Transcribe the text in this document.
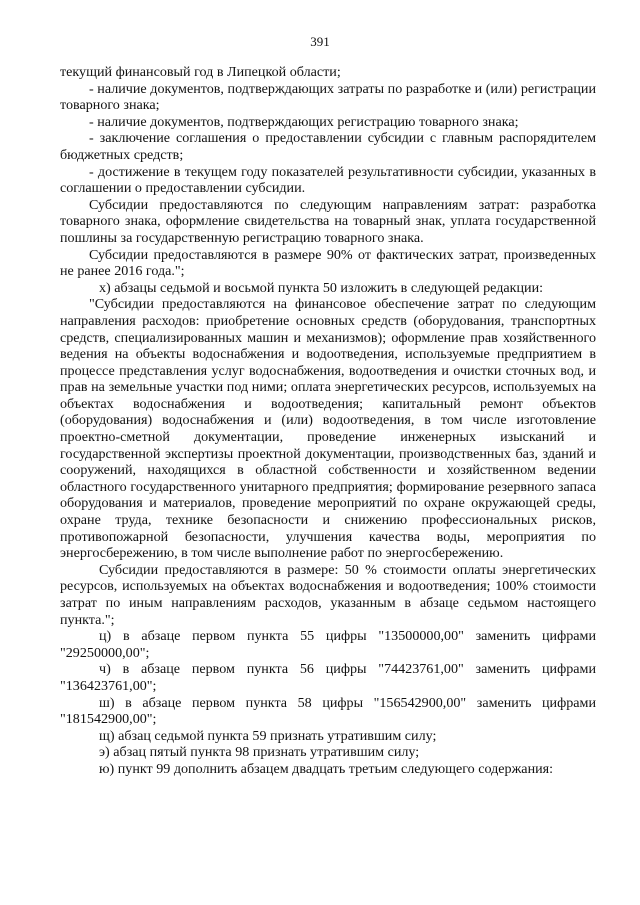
391

текущий финансовый год в Липецкой области;

- наличие документов, подтверждающих затраты по разработке и (или) регистрации товарного знака;

- наличие документов, подтверждающих регистрацию товарного знака;

- заключение соглашения о предоставлении субсидии с главным распорядителем бюджетных средств;

- достижение в текущем году показателей результативности субсидии, указанных в соглашении о предоставлении субсидии.

Субсидии предоставляются по следующим направлениям затрат: разработка товарного знака, оформление свидетельства на товарный знак, уплата государственной пошлины за государственную регистрацию товарного знака.

Субсидии предоставляются в размере 90% от фактических затрат, произведенных не ранее 2016 года.";

х) абзацы седьмой и восьмой пункта 50 изложить в следующей редакции:

"Субсидии предоставляются на финансовое обеспечение затрат по следующим направления расходов: приобретение основных средств (оборудования, транспортных средств, специализированных машин и механизмов); оформление прав хозяйственного ведения на объекты водоснабжения и водоотведения, используемые предприятием в процессе представления услуг водоснабжения, водоотведения и очистки сточных вод, и прав на земельные участки под ними; оплата энергетических ресурсов, используемых на объектах водоснабжения и водоотведения; капитальный ремонт объектов (оборудования) водоснабжения и (или) водоотведения, в том числе изготовление проектно-сметной документации, проведение инженерных изысканий и государственной экспертизы проектной документации, производственных баз, зданий и сооружений, находящихся в областной собственности и хозяйственном ведении областного государственного унитарного предприятия; формирование резервного запаса оборудования и материалов, проведение мероприятий по охране окружающей среды, охране труда, технике безопасности и снижению профессиональных рисков, противопожарной безопасности, улучшения качества воды, мероприятия по энергосбережению, в том числе выполнение работ по энергосбережению.

Субсидии предоставляются в размере: 50 % стоимости оплаты энергетических ресурсов, используемых на объектах водоснабжения и водоотведения; 100% стоимости затрат по иным направлениям расходов, указанным в абзаце седьмом настоящего пункта.";

ц) в абзаце первом пункта 55 цифры "13500000,00" заменить цифрами "29250000,00";

ч) в абзаце первом пункта 56 цифры "74423761,00" заменить цифрами "136423761,00";

ш) в абзаце первом пункта 58 цифры "156542900,00" заменить цифрами "181542900,00";

щ) абзац седьмой пункта 59 признать утратившим силу;

э) абзац пятый пункта 98 признать утратившим силу;

ю) пункт 99 дополнить абзацем двадцать третьим следующего содержания:
